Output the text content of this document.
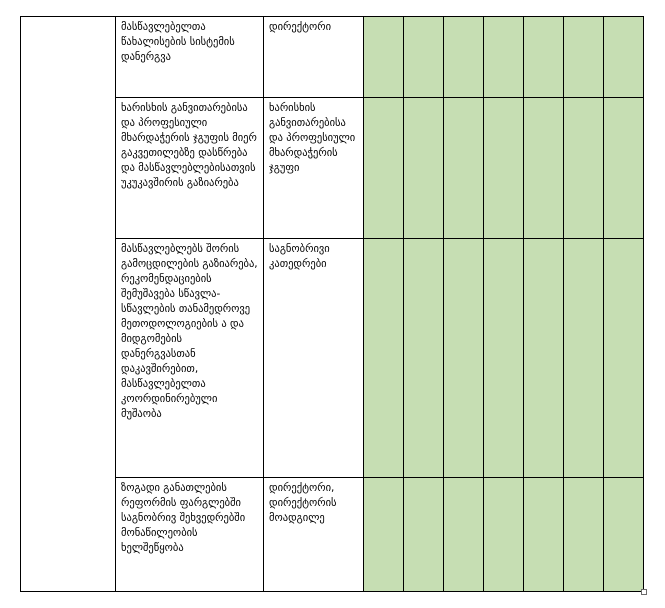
	მასწავლებელთა წახალისების სისტემის დანერგვა	დირექტორი							

	ხარისხის განვითარებისა და პროფესიული მხარდაჭერის ჯგუფის მიერ გაკვეთილებზე დასწრება და მასწავლებლებისათვის უკუკავშირის გაზიარება	ხარისხის განვითარებისა და პროფესიული მხარდაჭერის ჯგუფი							

	მასწავლებლებს შორის გამოცდილების გაზიარება, რეკომენდაციების შემუშავება სწავლა-სწავლების თანამედროვე მეთოდოლოგიების ა და მიდგომების დანერგვასთან დაკავშირებით, მასწავლებელთა კოორდინირებული მუშაობა	საგნობრივი კათედრები							

	ზოგადი განათლების რეფორმის ფარგლებში საგნობრივ შეხვედრებში მონაწილეობის ხელშეწყობა	დირექტორი, დირექტორის მოადგილე							
